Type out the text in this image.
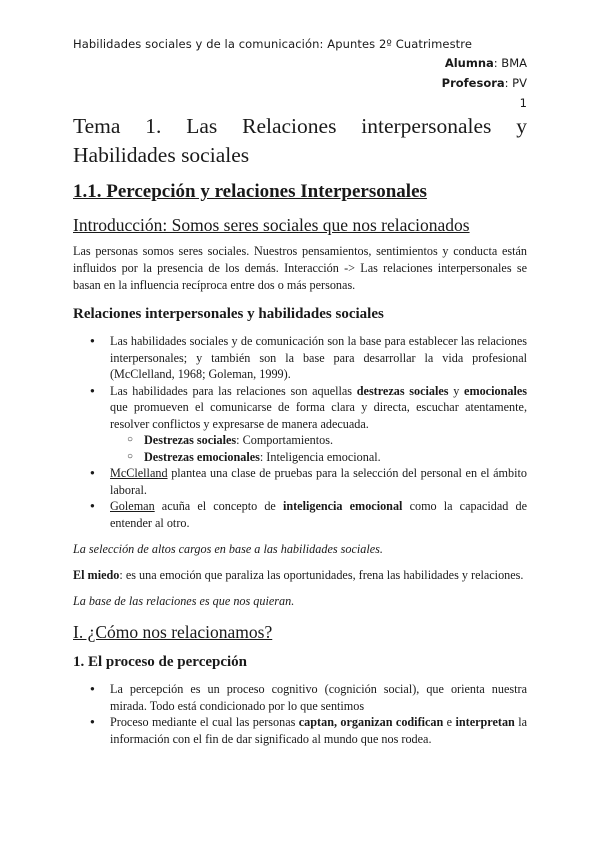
Habilidades sociales y de la comunicación: Apuntes 2º Cuatrimestre
Alumna: BMA
Profesora: PV
1
Tema 1. Las Relaciones interpersonales y Habilidades sociales
1.1. Percepción y relaciones Interpersonales
Introducción: Somos seres sociales que nos relacionados

Las personas somos seres sociales. Nuestros pensamientos, sentimientos y conducta están influidos por la presencia de los demás. Interacción -> Las relaciones interpersonales se basan en la influencia recíproca entre dos o más personas.

Relaciones interpersonales y habilidades sociales
● Las habilidades sociales y de comunicación son la base para establecer las relaciones interpersonales; y también son la base para desarrollar la vida profesional (McClelland, 1968; Goleman, 1999).
● Las habilidades para las relaciones son aquellas destrezas sociales y emocionales que promueven el comunicarse de forma clara y directa, escuchar atentamente, resolver conflictos y expresarse de manera adecuada.
○ Destrezas sociales: Comportamientos.
○ Destrezas emocionales: Inteligencia emocional.
● McClelland plantea una clase de pruebas para la selección del personal en el ámbito laboral.
● Goleman acuña el concepto de inteligencia emocional como la capacidad de entender al otro.

La selección de altos cargos en base a las habilidades sociales.

El miedo: es una emoción que paraliza las oportunidades, frena las habilidades y relaciones.

La base de las relaciones es que nos quieran.

I. ¿Cómo nos relacionamos?
1. El proceso de percepción
● La percepción es un proceso cognitivo (cognición social), que orienta nuestra mirada. Todo está condicionado por lo que sentimos
● Proceso mediante el cual las personas captan, organizan codifican e interpretan la información con el fin de dar significado al mundo que nos rodea.
